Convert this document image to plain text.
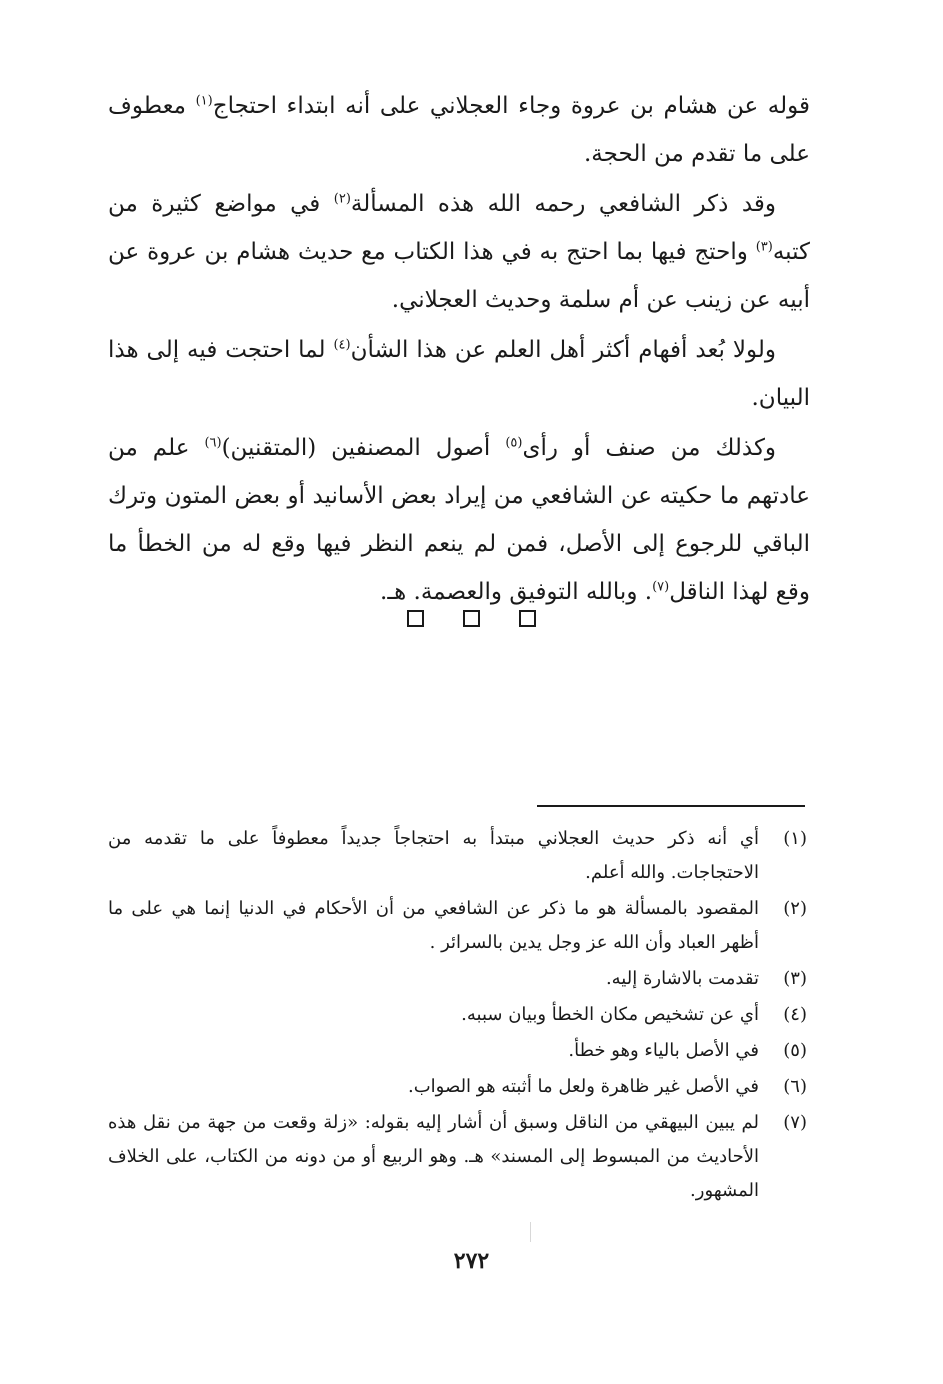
قوله عن هشام بن عروة وجاء العجلاني على أنه ابتداء احتجاج$^{(١)}$ معطوف على ما تقدم من الحجة.

وقد ذكر الشافعي رحمه الله هذه المسألة$^{(٢)}$ في مواضع كثيرة من كتبه$^{(٣)}$ واحتج فيها بما احتج به في هذا الكتاب مع حديث هشام بن عروة عن أبيه عن زينب عن أم سلمة وحديث العجلاني.

ولولا بُعد أفهام أكثر أهل العلم عن هذا الشأن$^{(٤)}$ لما احتجت فيه إلى هذا البيان.

وكذلك من صنف أو رأى$^{(٥)}$ أصول المصنفين (المتقنين)$^{(٦)}$ علم من عادتهم ما حكيته عن الشافعي من إيراد بعض الأسانيد أو بعض المتون وترك الباقي للرجوع إلى الأصل، فمن لم ينعم النظر فيها وقع له من الخطأ ما وقع لهذا الناقل$^{(٧)}$. وبالله التوفيق والعصمة. هـ.

(١)
أي أنه ذكر حديث العجلاني مبتدأ به احتجاجاً جديداً معطوفاً على ما تقدمه من الاحتجاجات. والله أعلم.
(٢)
المقصود بالمسألة هو ما ذكر عن الشافعي من أن الأحكام في الدنيا إنما هي على ما أظهر العباد وأن الله عز وجل يدين بالسرائر .
(٣)
تقدمت بالاشارة إليه.
(٤)
أي عن تشخيص مكان الخطأ وبيان سببه.
(٥)
في الأصل بالياء وهو خطأ.
(٦)
في الأصل غير ظاهرة ولعل ما أثبته هو الصواب.
(٧)
لم يبين البيهقي من الناقل وسبق أن أشار إليه بقوله: «زلة وقعت من جهة من نقل هذه الأحاديث من المبسوط إلى المسند» هـ. وهو الربيع أو من دونه من الكتاب، على الخلاف المشهور.
٢٧٢
